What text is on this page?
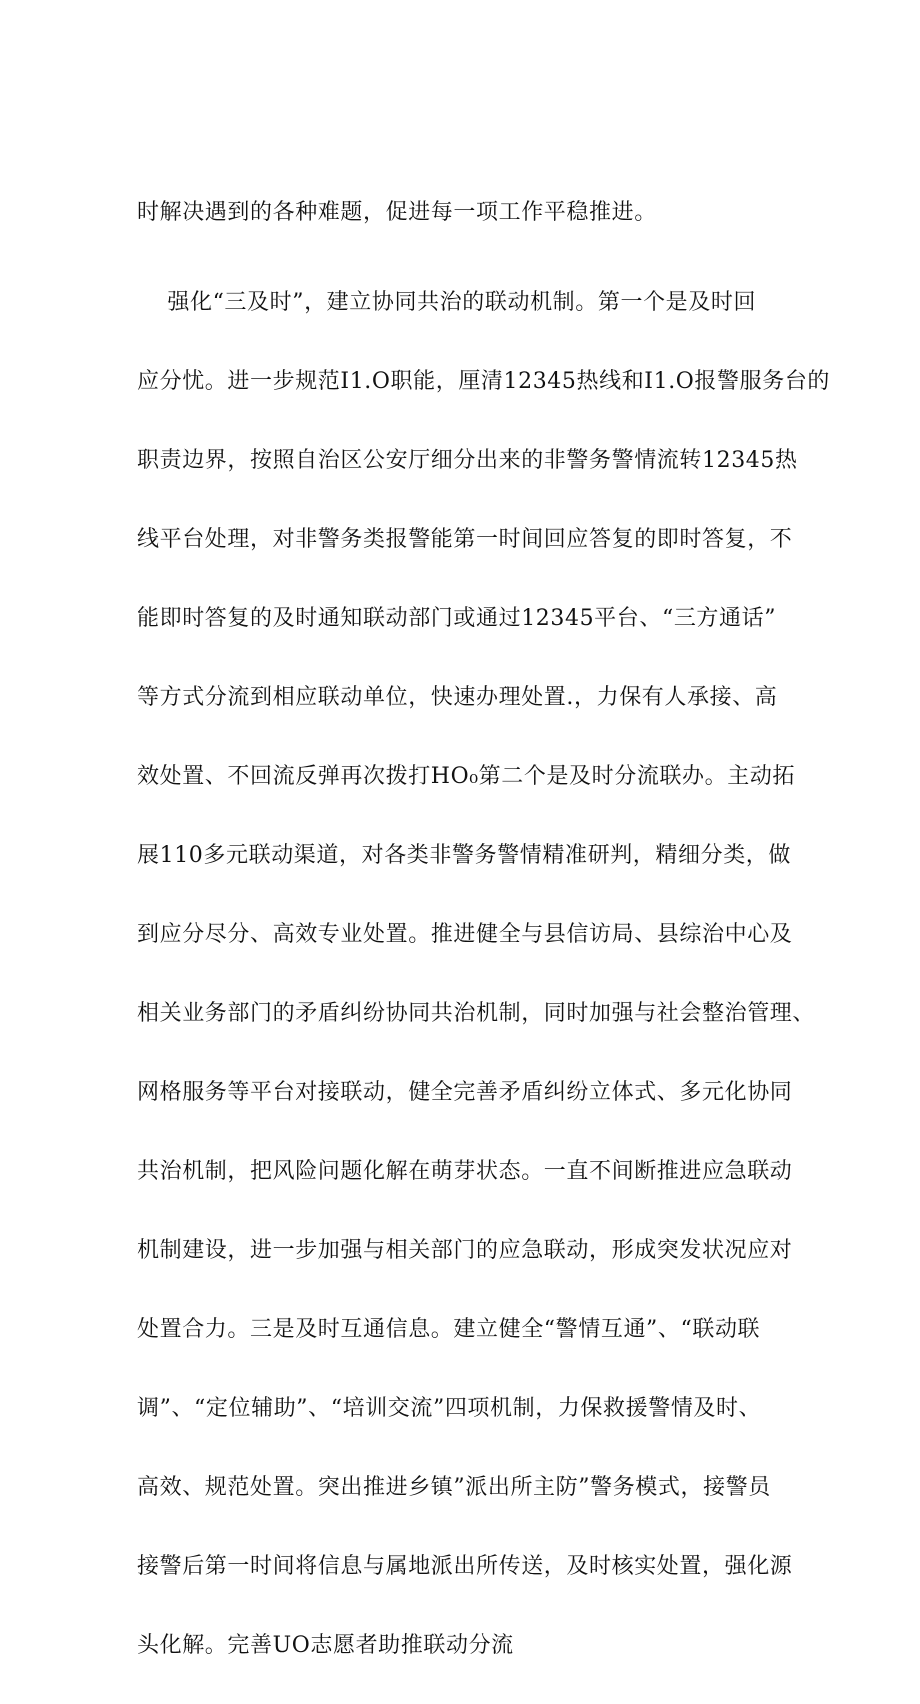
时解决遇到的各种难题，促进每一项工作平稳推进。

强化“三及时”，建立协同共治的联动机制。第一个是及时回

应分忧。进一步规范I1.O职能，厘清12345热线和I1.O报警服务台的

职责边界，按照自治区公安厅细分出来的非警务警情流转12345热

线平台处理，对非警务类报警能第一时间回应答复的即时答复，不

能即时答复的及时通知联动部门或通过12345平台、“三方通话”

等方式分流到相应联动单位，快速办理处置.，力保有人承接、高

效处置、不回流反弹再次拨打HO₀第二个是及时分流联办。主动拓

展110多元联动渠道，对各类非警务警情精准研判，精细分类，做

到应分尽分、高效专业处置。推进健全与县信访局、县综治中心及

相关业务部门的矛盾纠纷协同共治机制，同时加强与社会整治管理、

网格服务等平台对接联动，健全完善矛盾纠纷立体式、多元化协同

共治机制，把风险问题化解在萌芽状态。一直不间断推进应急联动

机制建设，进一步加强与相关部门的应急联动，形成突发状况应对

处置合力。三是及时互通信息。建立健全“警情互通”、“联动联

调”、“定位辅助”、“培训交流”四项机制，力保救援警情及时、

高效、规范处置。突出推进乡镇”派出所主防”警务模式，接警员

接警后第一时间将信息与属地派出所传送，及时核实处置，强化源

头化解。完善UO志愿者助推联动分流
